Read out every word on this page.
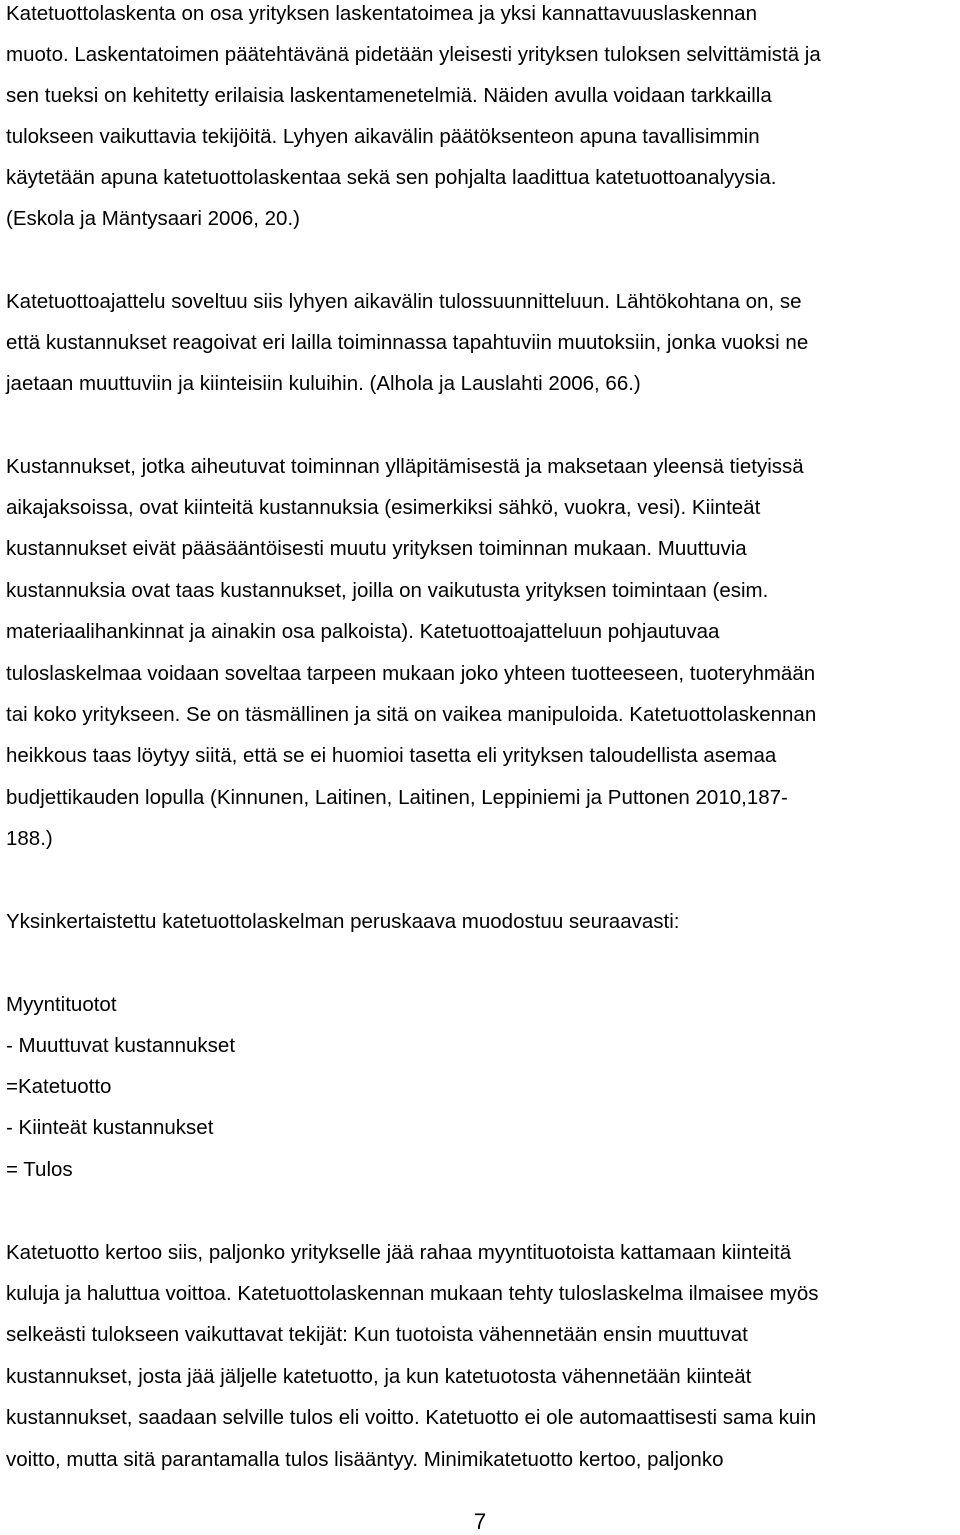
Katetuottolaskenta on osa yrityksen laskentatoimea ja yksi kannattavuuslaskennan

muoto. Laskentatoimen päätehtävänä pidetään yleisesti yrityksen tuloksen selvittämistä ja

sen tueksi on kehitetty erilaisia laskentamenetelmiä. Näiden avulla voidaan tarkkailla

tulokseen vaikuttavia tekijöitä. Lyhyen aikavälin päätöksenteon apuna tavallisimmin

käytetään apuna katetuottolaskentaa sekä sen pohjalta laadittua katetuottoanalyysia.

(Eskola ja Mäntysaari 2006, 20.)

Katetuottoajattelu soveltuu siis lyhyen aikavälin tulossuunnitteluun. Lähtökohtana on, se

että kustannukset reagoivat eri lailla toiminnassa tapahtuviin muutoksiin, jonka vuoksi ne

jaetaan muuttuviin ja kiinteisiin kuluihin. (Alhola ja Lauslahti 2006, 66.)

Kustannukset, jotka aiheutuvat toiminnan ylläpitämisestä ja maksetaan yleensä tietyissä

aikajaksoissa, ovat kiinteitä kustannuksia (esimerkiksi sähkö, vuokra, vesi). Kiinteät

kustannukset eivät pääsääntöisesti muutu yrityksen toiminnan mukaan. Muuttuvia

kustannuksia ovat taas kustannukset, joilla on vaikutusta yrityksen toimintaan (esim.

materiaalihankinnat ja ainakin osa palkoista). Katetuottoajatteluun pohjautuvaa

tuloslaskelmaa voidaan soveltaa tarpeen mukaan joko yhteen tuotteeseen, tuoteryhmään

tai koko yritykseen. Se on täsmällinen ja sitä on vaikea manipuloida. Katetuottolaskennan

heikkous taas löytyy siitä, että se ei huomioi tasetta eli yrityksen taloudellista asemaa

budjettikauden lopulla (Kinnunen, Laitinen, Laitinen, Leppiniemi ja Puttonen 2010,187-

188.)

Yksinkertaistettu katetuottolaskelman peruskaava muodostuu seuraavasti:

Myyntituotot

- Muuttuvat kustannukset

=Katetuotto

- Kiinteät kustannukset

= Tulos

Katetuotto kertoo siis, paljonko yritykselle jää rahaa myyntituotoista kattamaan kiinteitä

kuluja ja haluttua voittoa. Katetuottolaskennan mukaan tehty tuloslaskelma ilmaisee myös

selkeästi tulokseen vaikuttavat tekijät: Kun tuotoista vähennetään ensin muuttuvat

kustannukset, josta jää jäljelle katetuotto, ja kun katetuotosta vähennetään kiinteät

kustannukset, saadaan selville tulos eli voitto. Katetuotto ei ole automaattisesti sama kuin

voitto, mutta sitä parantamalla tulos lisääntyy. Minimikatetuotto kertoo, paljonko

7
